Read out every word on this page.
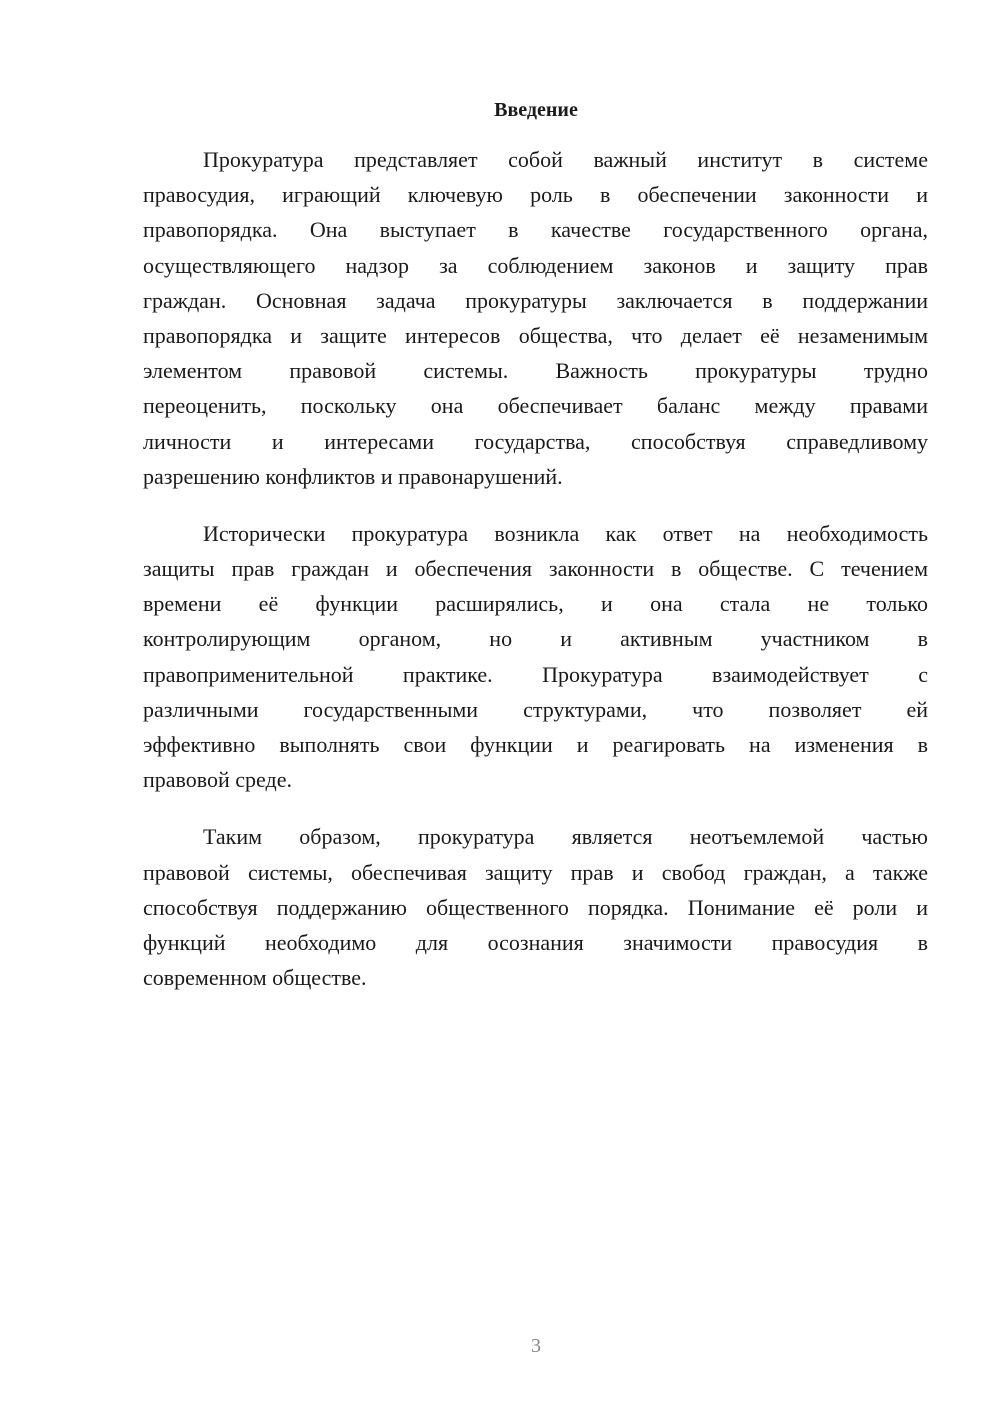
Введение
Прокуратура представляет собой важный институт в системе
правосудия, играющий ключевую роль в обеспечении законности и
правопорядка. Она выступает в качестве государственного органа,
осуществляющего надзор за соблюдением законов и защиту прав
граждан. Основная задача прокуратуры заключается в поддержании
правопорядка и защите интересов общества, что делает её незаменимым
элементом правовой системы. Важность прокуратуры трудно
переоценить, поскольку она обеспечивает баланс между правами
личности и интересами государства, способствуя справедливому
разрешению конфликтов и правонарушений.
Исторически прокуратура возникла как ответ на необходимость
защиты прав граждан и обеспечения законности в обществе. С течением
времени её функции расширялись, и она стала не только
контролирующим органом, но и активным участником в
правоприменительной практике. Прокуратура взаимодействует с
различными государственными структурами, что позволяет ей
эффективно выполнять свои функции и реагировать на изменения в
правовой среде.
Таким образом, прокуратура является неотъемлемой частью
правовой системы, обеспечивая защиту прав и свобод граждан, а также
способствуя поддержанию общественного порядка. Понимание её роли и
функций необходимо для осознания значимости правосудия в
современном обществе.
3
